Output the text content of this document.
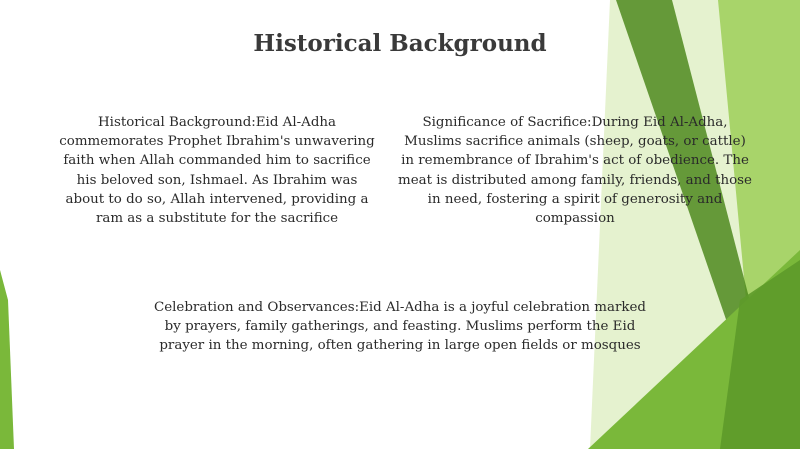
Historical Background

Historical Background:Eid Al-Adha commemorates Prophet Ibrahim's unwavering faith when Allah commanded him to sacrifice his beloved son, Ishmael. As Ibrahim was about to do so, Allah intervened, providing a ram as a substitute for the sacrifice

Significance of Sacrifice:During Eid Al-Adha, Muslims sacrifice animals (sheep, goats, or cattle) in remembrance of Ibrahim's act of obedience. The meat is distributed among family, friends, and those in need, fostering a spirit of generosity and compassion

Celebration and Observances:Eid Al-Adha is a joyful celebration marked by prayers, family gatherings, and feasting. Muslims perform the Eid prayer in the morning, often gathering in large open fields or mosques
